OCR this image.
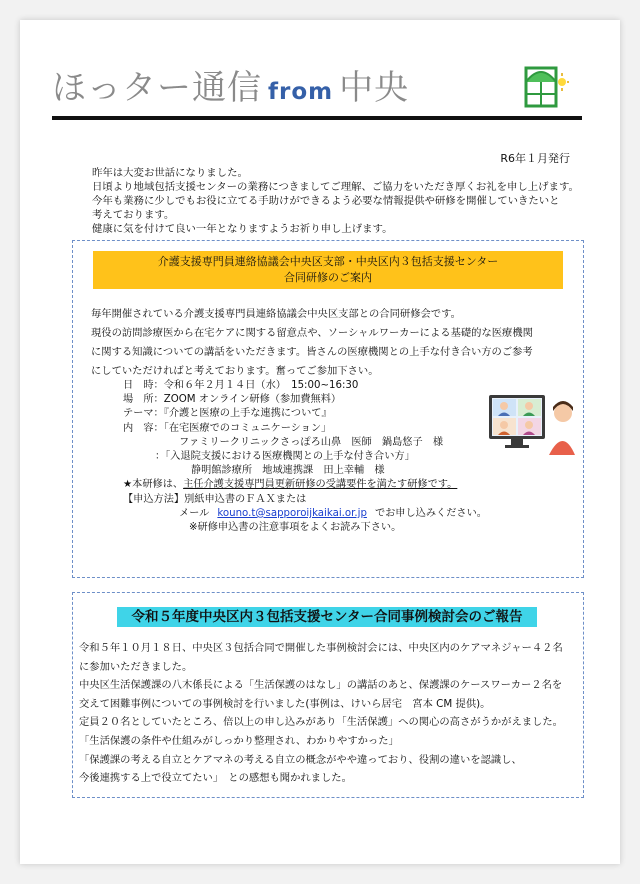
ほっター通信 from 中央
R6年１月発行
昨年は大変お世話になりました。
日頃より地域包括支援センターの業務につきましてご理解、ご協力をいただき厚くお礼を申し上げます。
今年も業務に少しでもお役に立てる手助けができるよう必要な情報提供や研修を開催していきたいと
考えております。
健康に気を付けて良い一年となりますようお祈り申し上げます。
介護支援専門員連絡協議会中央区支部・中央区内３包括支援センター
合同研修のご案内
毎年開催されている介護支援専門員連絡協議会中央区支部との合同研修会です。
現役の訪問診療医から在宅ケアに関する留意点や、ソーシャルワーカーによる基礎的な医療機関
に関する知識についての講話をいただきます。皆さんの医療機関との上手な付き合い方のご参考
にしていただければと考えております。奮ってご参加下さい。
日　時：令和６年２月１４日（水）　15:00~16:30
場　所：ZOOM オンライン研修（参加費無料）
テーマ：『介護と医療の上手な連携について』
内　容：「在宅医療でのコミュニケーション」
ファミリークリニックさっぽろ山鼻　医師　鍋島悠子　様
：「入退院支援における医療機関との上手な付き合い方」
静明館診療所　地域連携課　田上幸輔　様
★本研修は、主任介護支援専門員更新研修の受講要件を満たす研修です。
【申込方法】別紙申込書のＦＡＸまたは
メール kouno.t@sapporoijkaikai.or.jp でお申し込みください。
※研修申込書の注意事項をよくお読み下さい。
令和５年度中央区内３包括支援センター合同事例検討会のご報告
令和５年１０月１８日、中央区３包括合同で開催した事例検討会には、中央区内のケアマネジャー４２名
に参加いただきました。
中央区生活保護課の八木係長による「生活保護のはなし」の講話のあと、保護課のケースワーカー２名を
交えて困難事例についての事例検討を行いました(事例は、けいら居宅　宮本 CM 提供)。
定員２０名としていたところ、倍以上の申し込みがあり「生活保護」への関心の高さがうかがえました。
「生活保護の条件や仕組みがしっかり整理され、わかりやすかった」
「保護課の考える自立とケアマネの考える自立の概念がやや違っており、役割の違いを認識し、
今後連携する上で役立てたい」　との感想も聞かれました。
